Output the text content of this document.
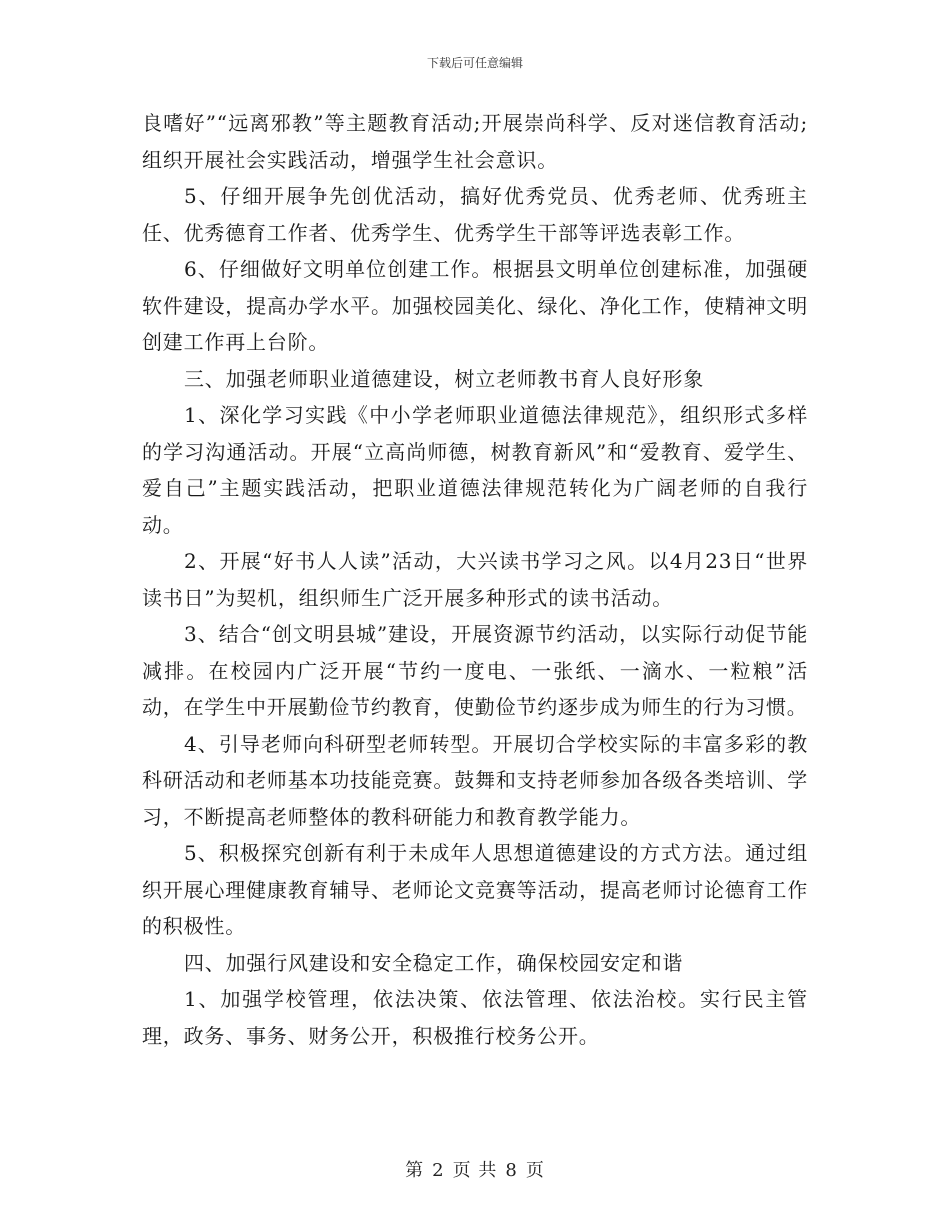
下载后可任意编辑

良嗜好”“远离邪教”等主题教育活动;开展崇尚科学、反对迷信教育活动;组织开展社会实践活动，增强学生社会意识。

5、仔细开展争先创优活动，搞好优秀党员、优秀老师、优秀班主任、优秀德育工作者、优秀学生、优秀学生干部等评选表彰工作。

6、仔细做好文明单位创建工作。根据县文明单位创建标准，加强硬软件建设，提高办学水平。加强校园美化、绿化、净化工作，使精神文明创建工作再上台阶。

三、加强老师职业道德建设，树立老师教书育人良好形象

1、深化学习实践《中小学老师职业道德法律规范》，组织形式多样的学习沟通活动。开展“立高尚师德，树教育新风”和“爱教育、爱学生、爱自己”主题实践活动，把职业道德法律规范转化为广阔老师的自我行动。

2、开展“好书人人读”活动，大兴读书学习之风。以4月23日“世界读书日”为契机，组织师生广泛开展多种形式的读书活动。

3、结合“创文明县城”建设，开展资源节约活动，以实际行动促节能减排。在校园内广泛开展“节约一度电、一张纸、一滴水、一粒粮”活动，在学生中开展勤俭节约教育，使勤俭节约逐步成为师生的行为习惯。

4、引导老师向科研型老师转型。开展切合学校实际的丰富多彩的教科研活动和老师基本功技能竞赛。鼓舞和支持老师参加各级各类培训、学习，不断提高老师整体的教科研能力和教育教学能力。

5、积极探究创新有利于未成年人思想道德建设的方式方法。通过组织开展心理健康教育辅导、老师论文竞赛等活动，提高老师讨论德育工作的积极性。

四、加强行风建设和安全稳定工作，确保校园安定和谐

1、加强学校管理，依法决策、依法管理、依法治校。实行民主管理，政务、事务、财务公开，积极推行校务公开。

第 2 页 共 8 页
